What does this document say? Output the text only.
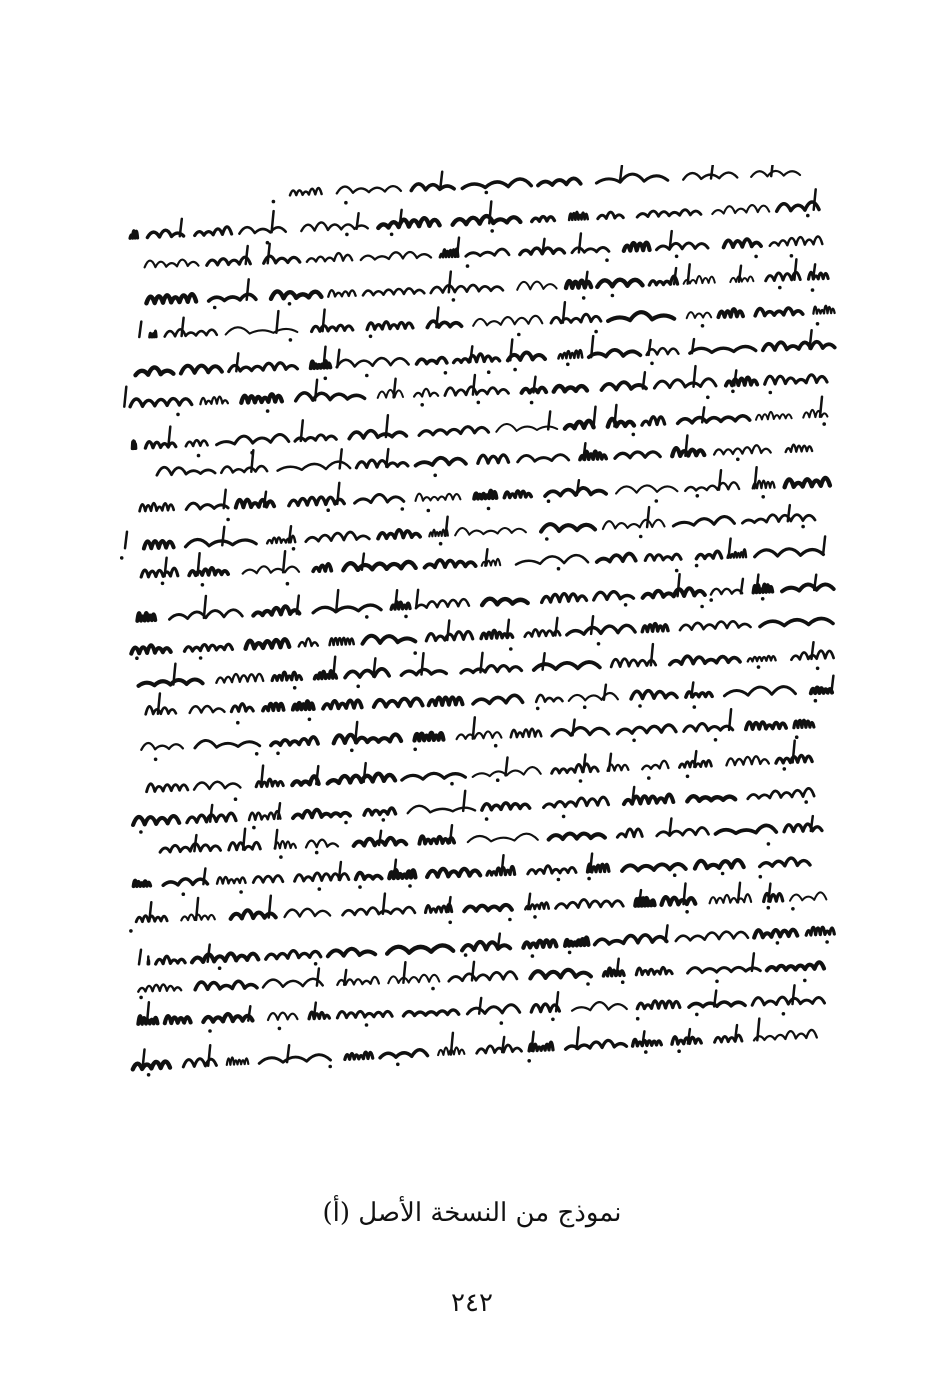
نموذج من النسخة الأصل (أ)
٢٤٢
